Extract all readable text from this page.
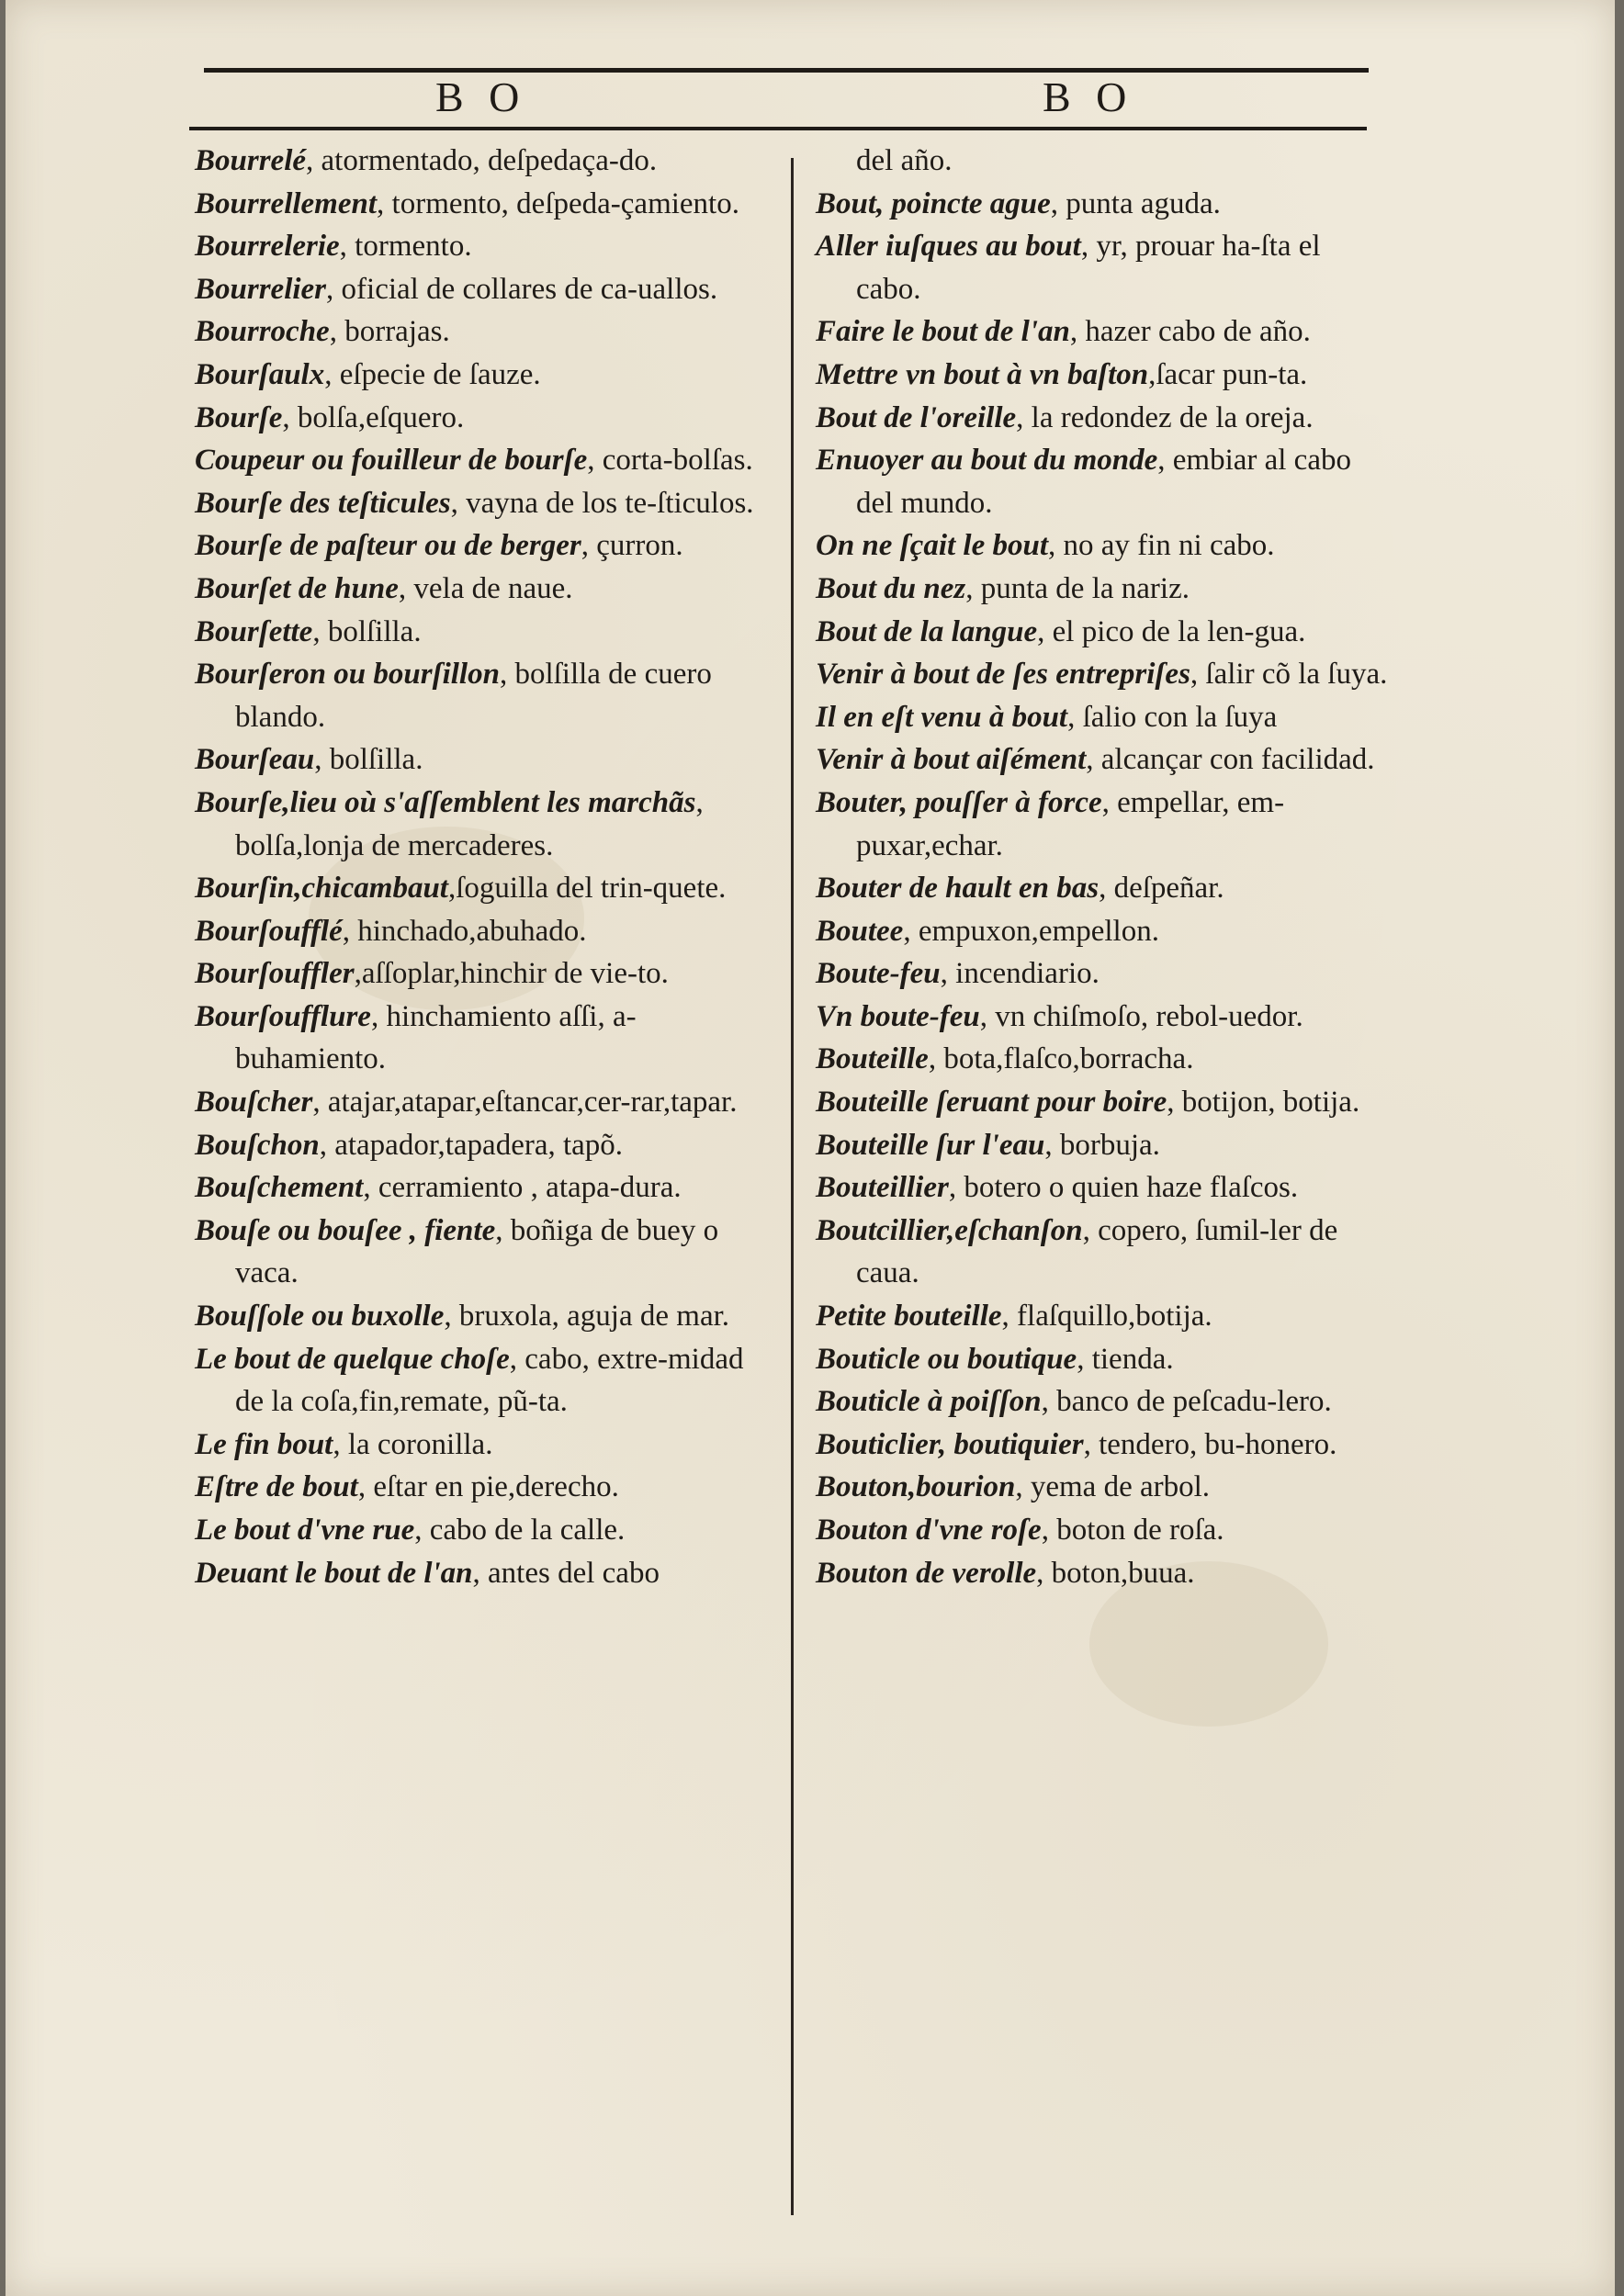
B O	B O

Bourrelé, atormentado, deſpedaça-do.

Bourrellement, tormento, deſpeda-çamiento.

Bourrelerie, tormento.

Bourrelier, oficial de collares de ca-uallos.

Bourroche, borrajas.

Bourſaulx, eſpecie de ſauze.

Bourſe, bolſa,eſquero.

Coupeur ou fouilleur de bourſe, corta-bolſas.

Bourſe des teſticules, vayna de los te-ſticulos.

Bourſe de paſteur ou de berger, çurron.

Bourſet de hune, vela de naue.

Bourſette, bolſilla.

Bourſeron ou bourſillon, bolſilla de cuero blando.

Bourſeau, bolſilla.

Bourſe,lieu où s'aſſemblent les marchãs, bolſa,lonja de mercaderes.

Bourſin,chicambaut,ſoguilla del trin-quete.

Bourſoufflé, hinchado,abuhado.

Bourſouffler,aſſoplar,hinchir de vie-to.

Bourſoufflure, hinchamiento aſſi, a-buhamiento.

Bouſcher, atajar,atapar,eſtancar,cer-rar,tapar.

Bouſchon, atapador,tapadera, tapõ.

Bouſchement, cerramiento , atapa-dura.

Bouſe ou bouſee , fiente, boñiga de buey o vaca.

Bouſſole ou buxolle, bruxola, aguja de mar.

Le bout de quelque choſe, cabo, extre-midad de la coſa,fin,remate, pũ-ta.

Le fin bout, la coronilla.

Eſtre de bout, eſtar en pie,derecho.

Le bout d'vne rue, cabo de la calle.

Deuant le bout de l'an, antes del cabo

del año.

Bout, poincte ague, punta aguda.

Aller iuſques au bout, yr, prouar ha-ſta el cabo.

Faire le bout de l'an, hazer cabo de año.

Mettre vn bout à vn baſton,ſacar pun-ta.

Bout de l'oreille, la redondez de la oreja.

Enuoyer au bout du monde, embiar al cabo del mundo.

On ne ſçait le bout, no ay fin ni cabo.

Bout du nez, punta de la nariz.

Bout de la langue, el pico de la len-gua.

Venir à bout de ſes entrepriſes, ſalir cõ la ſuya.

Il en eſt venu à bout, ſalio con la ſuya

Venir à bout aiſément, alcançar con facilidad.

Bouter, pouſſer à force, empellar, em-puxar,echar.

Bouter de hault en bas, deſpeñar.

Boutee, empuxon,empellon.

Boute-feu, incendiario.

Vn boute-feu, vn chiſmoſo, rebol-uedor.

Bouteille, bota,flaſco,borracha.

Bouteille ſeruant pour boire, botijon, botija.

Bouteille ſur l'eau, borbuja.

Bouteillier, botero o quien haze flaſcos.

Boutcillier,eſchanſon, copero, ſumil-ler de caua.

Petite bouteille, flaſquillo,botija.

Bouticle ou boutique, tienda.

Bouticle à poiſſon, banco de peſcadu-lero.

Bouticlier, boutiquier, tendero, bu-honero.

Bouton,bourion, yema de arbol.

Bouton d'vne roſe, boton de roſa.

Bouton de verolle, boton,buua.
